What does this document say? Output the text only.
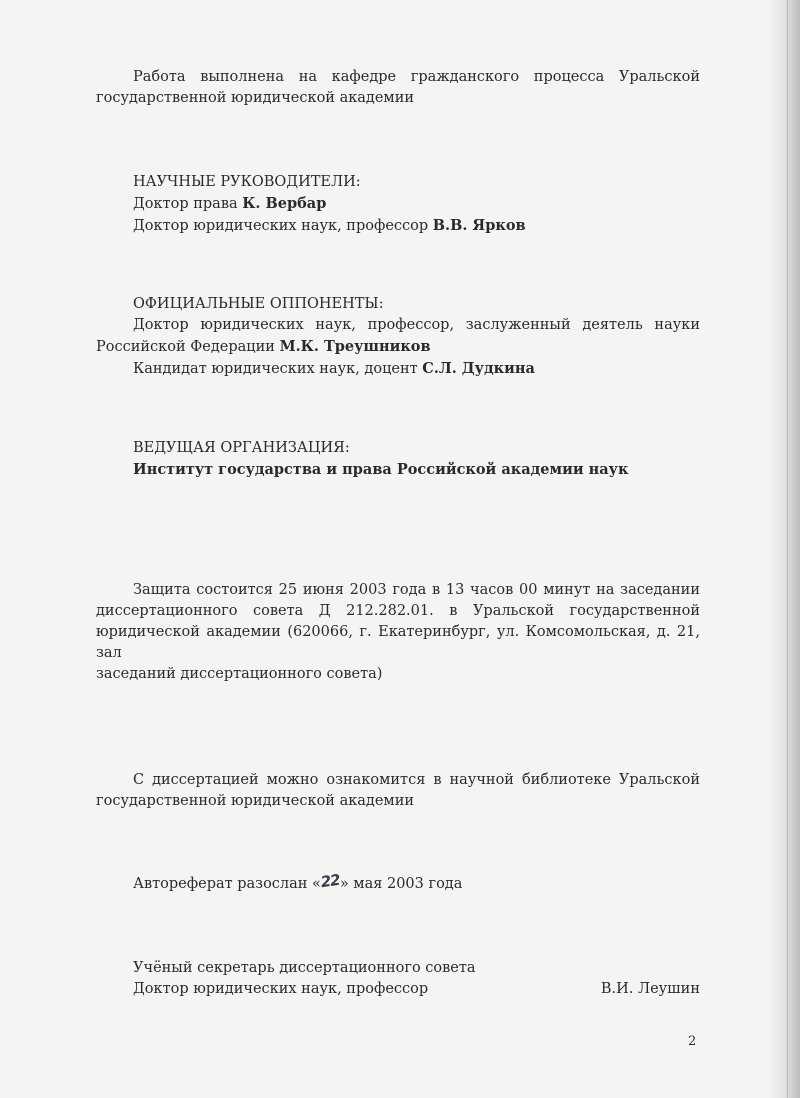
Работа выполнена на кафедре гражданского процесса Уральской
государственной юридической академии
НАУЧНЫЕ РУКОВОДИТЕЛИ:
Доктор права К. Вербар
Доктор юридических наук, профессор В.В. Ярков
ОФИЦИАЛЬНЫЕ ОППОНЕНТЫ:
Доктор юридических наук, профессор, заслуженный деятель науки
Российской Федерации М.К. Треушников
Кандидат юридических наук, доцент С.Л. Дудкина
ВЕДУЩАЯ ОРГАНИЗАЦИЯ:
Институт государства и права Российской академии наук
Защита состоится 25 июня 2003 года в 13 часов 00 минут на заседании
диссертационного совета Д 212.282.01. в Уральской государственной
юридической академии (620066, г. Екатеринбург, ул. Комсомольская, д. 21, зал
заседаний диссертационного совета)
С диссертацией можно ознакомится в научной библиотеке Уральской
государственной юридической академии
Автореферат разослан «22» мая 2003 года
Учёный секретарь диссертационного совета
Доктор юридических наук, профессор	В.И. Леушин
2
